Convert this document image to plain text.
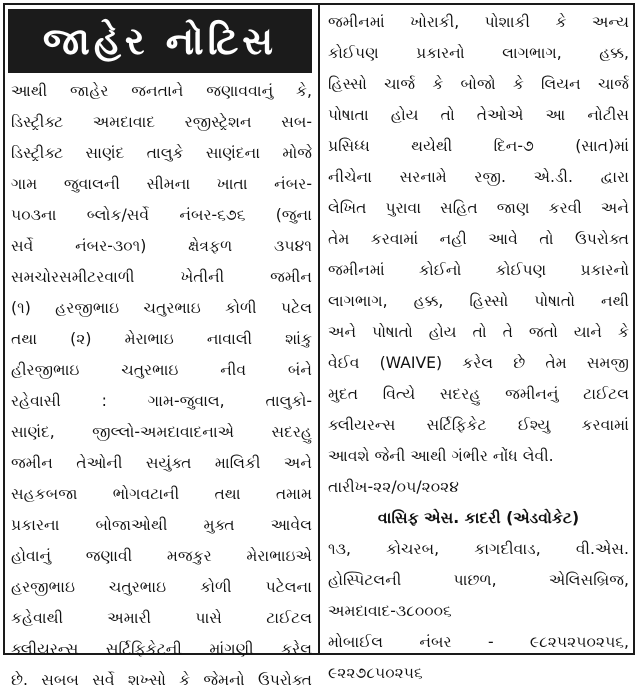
જાહેર નોટિસ
આથી જાહેર જનતાને જણાવવાનું કે,
ડિસ્ટ્રીક્ટ અમદાવાદ રજીસ્ટ્રેશન સબ-
ડિસ્ટ્રીક્ટ સાણંદ તાલુકે સાણંદના મોજે
ગામ જુવાલની સીમના ખાતા નંબર-
૫૦૩ના બ્લોક/સર્વે નંબર-૬૭૬ (જુના
સર્વે નંબર-૩૦૧) ક્ષેત્રફળ ૩૫૪૧
સમચોરસમીટરવાળી ખેતીની જમીન
(૧) હરજીભાઇ ચતુરભાઇ કોળી પટેલ
તથા (૨) મેરાભાઇ નાવાલી શાંકુ
હીરજીભાઇ ચતુરભાઇ નીવ બંને
રહેવાસી : ગામ-જુવાલ, તાલુકો-
સાણંદ, જીલ્લો-અમદાવાદનાએ સદરહુ
જમીન તેઓની સયુંક્ત માલિકી અને
સહકબજા ભોગવટાની તથા તમામ
પ્રકારના બોજાઓથી મુક્ત આવેલ
હોવાનું જણાવી મજકુર મેરાભાઇએ
હરજીભાઇ ચતુરભાઇ કોળી પટેલના
કહેવાથી અમારી પાસે ટાઈટલ
ક્લીયરન્સ સર્ટિફિકેટની માંગણી કરેલ
છે. સબબ સર્વે શખ્સો કે જેમનો ઉપરોક્ત
જમીનમાં ખોરાકી, પોશાકી કે અન્ય
કોઈપણ પ્રકારનો લાગભાગ, હક્ક,
હિસ્સો ચાર્જ કે બોજો કે લિયન ચાર્જ
પોષાતા હોય તો તેઓએ આ નોટીસ
પ્રસિધ્ધ થયેથી દિન-૭ (સાત)માં
નીચેના સરનામે રજી. એ.ડી. દ્વારા
લેખિત પુરાવા સહિત જાણ કરવી અને
તેમ કરવામાં નહી આવે તો ઉપરોક્ત
જમીનમાં કોઈનો કોઈપણ પ્રકારનો
લાગભાગ, હક્ક, હિસ્સો પોષાતો નથી
અને પોષાતો હોય તો તે જતો યાને કે
વેઈવ (WAIVE) કરેલ છે તેમ સમજી
મુદત વિત્યે સદરહુ જમીનનું ટાઈટલ
ક્લીયરન્સ સર્ટિફિકેટ ઈશ્યુ કરવામાં
આવશે જેની આથી ગંભીર નોંધ લેવી.
તારીખ-૨૨/૦૫/૨૦૨૪
વાસિફ એસ. કાદરી (એડવોકેટ)
૧૩, કોચરબ, કાગદીવાડ, વી.એસ.
હોસ્પિટલની પાછળ, એલિસબ્રિજ,
અમદાવાદ-૩૮૦૦૦૬
મોબાઈલ નંબર - ૯૮૨૫૨૫૦૨૫૬,
૯૨૨૭૮૫૦૨૫૬
